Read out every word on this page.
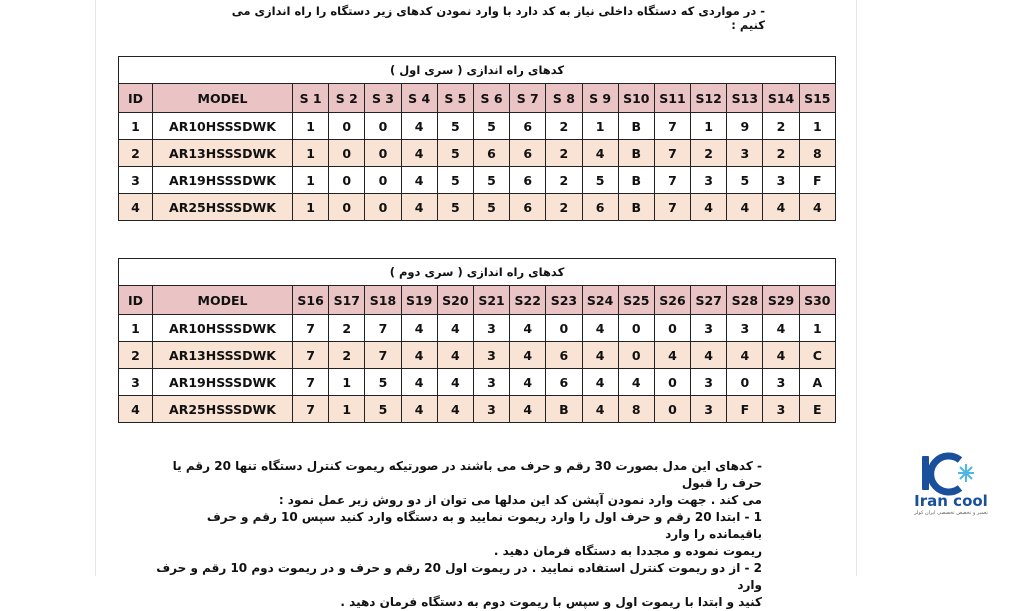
- در مواردی که دستگاه داخلی نیاز به کد دارد با وارد نمودن کدهای زیر دستگاه را راه اندازی می کنیم :
کدهای راه اندازی ( سری اول )																
ID	MODEL	S 1	S 2	S 3	S 4	S 5	S 6	S 7	S 8	S 9	S10	S11	S12	S13	S14	S15
1	AR10HSSSDWK	1	0	0	4	5	5	6	2	1	B	7	1	9	2	1
2	AR13HSSSDWK	1	0	0	4	5	6	6	2	4	B	7	2	3	2	8
3	AR19HSSSDWK	1	0	0	4	5	5	6	2	5	B	7	3	5	3	F
4	AR25HSSSDWK	1	0	0	4	5	5	6	2	6	B	7	4	4	4	4
کدهای راه اندازی ( سری دوم )																
ID	MODEL	S16	S17	S18	S19	S20	S21	S22	S23	S24	S25	S26	S27	S28	S29	S30
1	AR10HSSSDWK	7	2	7	4	4	3	4	0	4	0	0	3	3	4	1
2	AR13HSSSDWK	7	2	7	4	4	3	4	6	4	0	4	4	4	4	C
3	AR19HSSSDWK	7	1	5	4	4	3	4	6	4	4	0	3	0	3	A
4	AR25HSSSDWK	7	1	5	4	4	3	4	B	4	8	0	3	F	3	E

- کدهای این مدل بصورت 30 رقم و حرف می باشند در صورتیکه ریموت کنترل دستگاه تنها 20 رقم یا حرف را قبول

می کند . جهت وارد نمودن آپشن کد این مدلها می توان از دو روش زیر عمل نمود :

1 - ابتدا 20 رقم و حرف اول را وارد ریموت نمایید و به دستگاه وارد کنید سپس 10 رقم و حرف باقیمانده را وارد

ریموت نموده و مجددا به دستگاه فرمان دهید .

2 - از دو ریموت کنترل استفاده نمایید . در ریموت اول 20 رقم و حرف و در ریموت دوم 10 رقم و حرف وارد

کنید و ابتدا با ریموت اول و سپس با ریموت دوم به دستگاه فرمان دهید .

Iran cool
تعمیر و تخصص تخصصی ایران کولر
